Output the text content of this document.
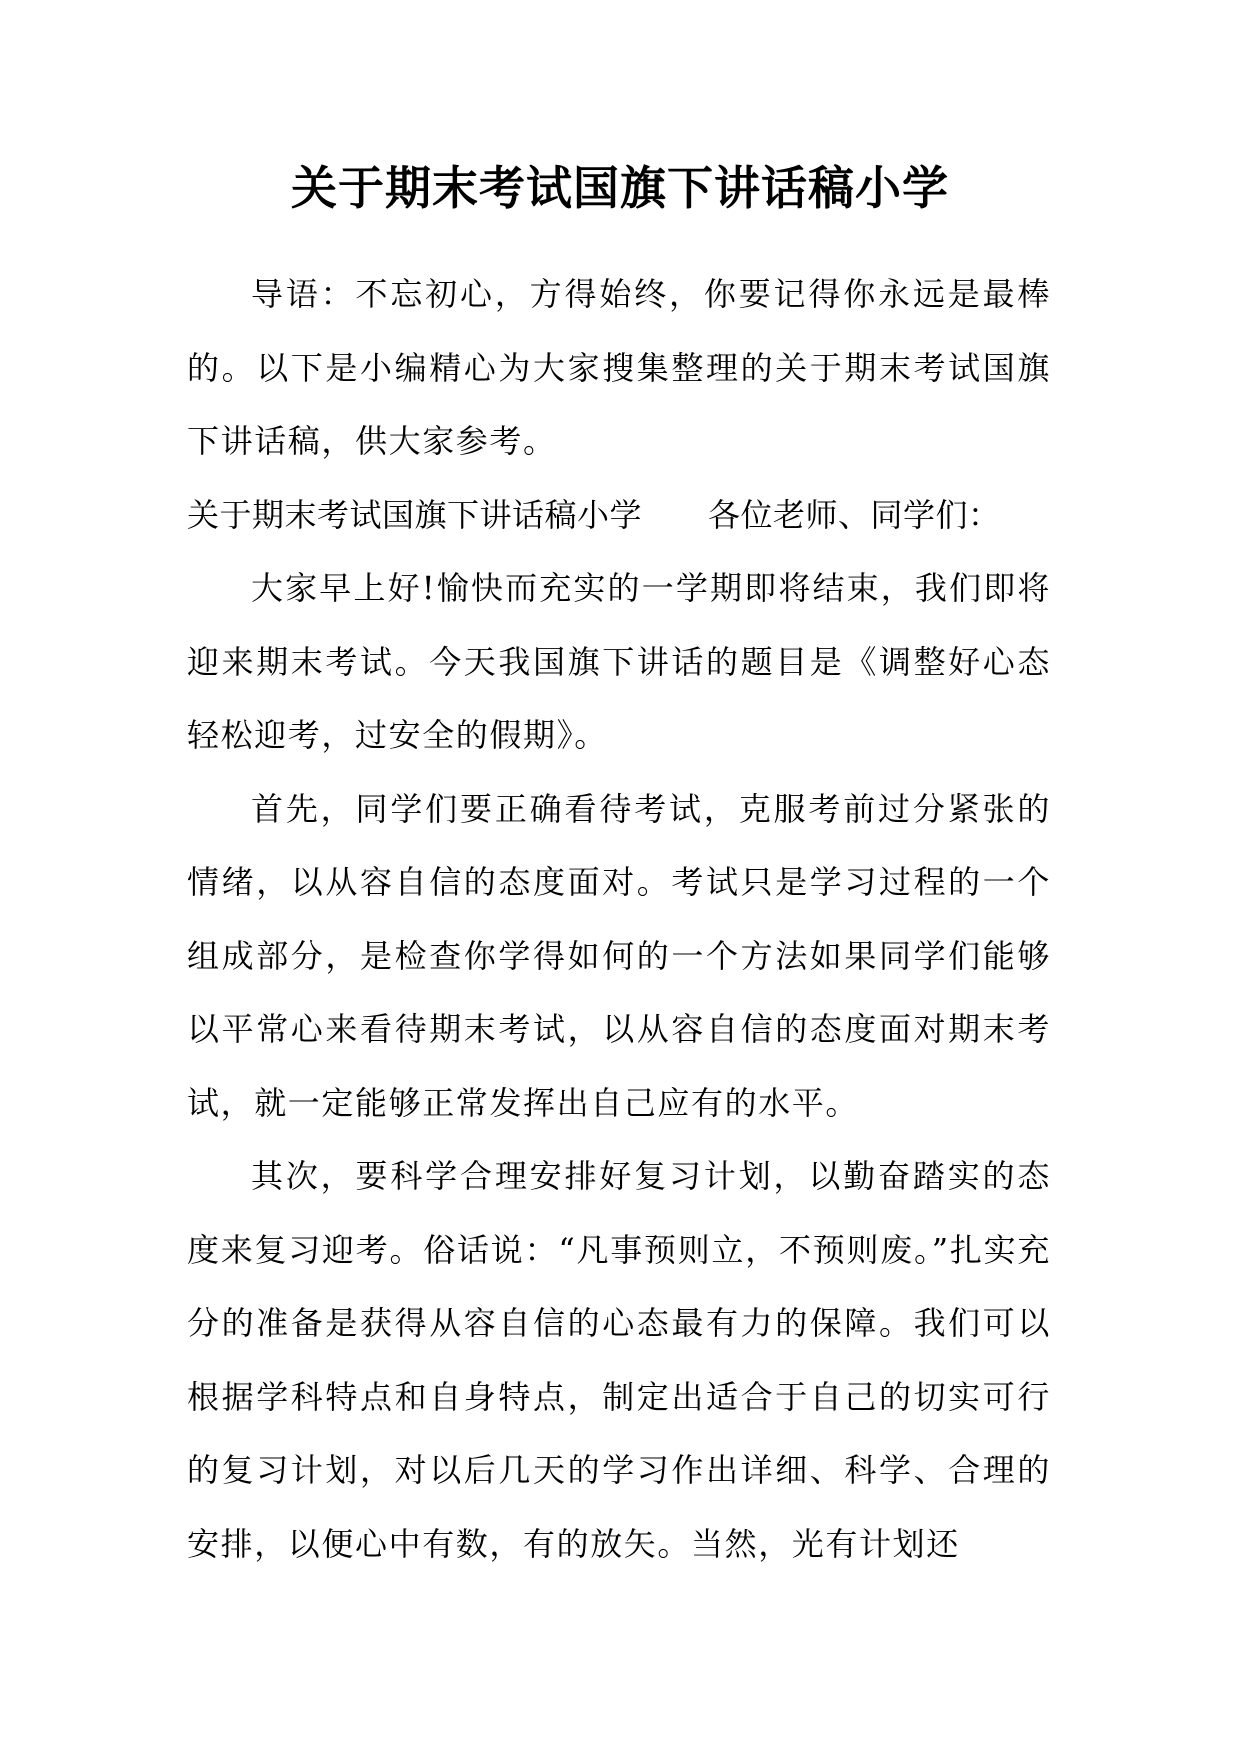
关于期末考试国旗下讲话稿小学

导语：不忘初心，方得始终，你要记得你永远是最棒的。以下是小编精心为大家搜集整理的关于期末考试国旗下讲话稿，供大家参考。

关于期末考试国旗下讲话稿小学 各位老师、同学们：

大家早上好!愉快而充实的一学期即将结束，我们即将迎来期末考试。今天我国旗下讲话的题目是《调整好心态轻松迎考，过安全的假期》。

首先，同学们要正确看待考试，克服考前过分紧张的情绪，以从容自信的态度面对。考试只是学习过程的一个组成部分，是检查你学得如何的一个方法如果同学们能够以平常心来看待期末考试，以从容自信的态度面对期末考试，就一定能够正常发挥出自己应有的水平。

其次，要科学合理安排好复习计划，以勤奋踏实的态度来复习迎考。俗话说：“凡事预则立，不预则废。”扎实充分的准备是获得从容自信的心态最有力的保障。我们可以根据学科特点和自身特点，制定出适合于自己的切实可行的复习计划，对以后几天的学习作出详细、科学、合理的安排，以便心中有数，有的放矢。当然，光有计划还
